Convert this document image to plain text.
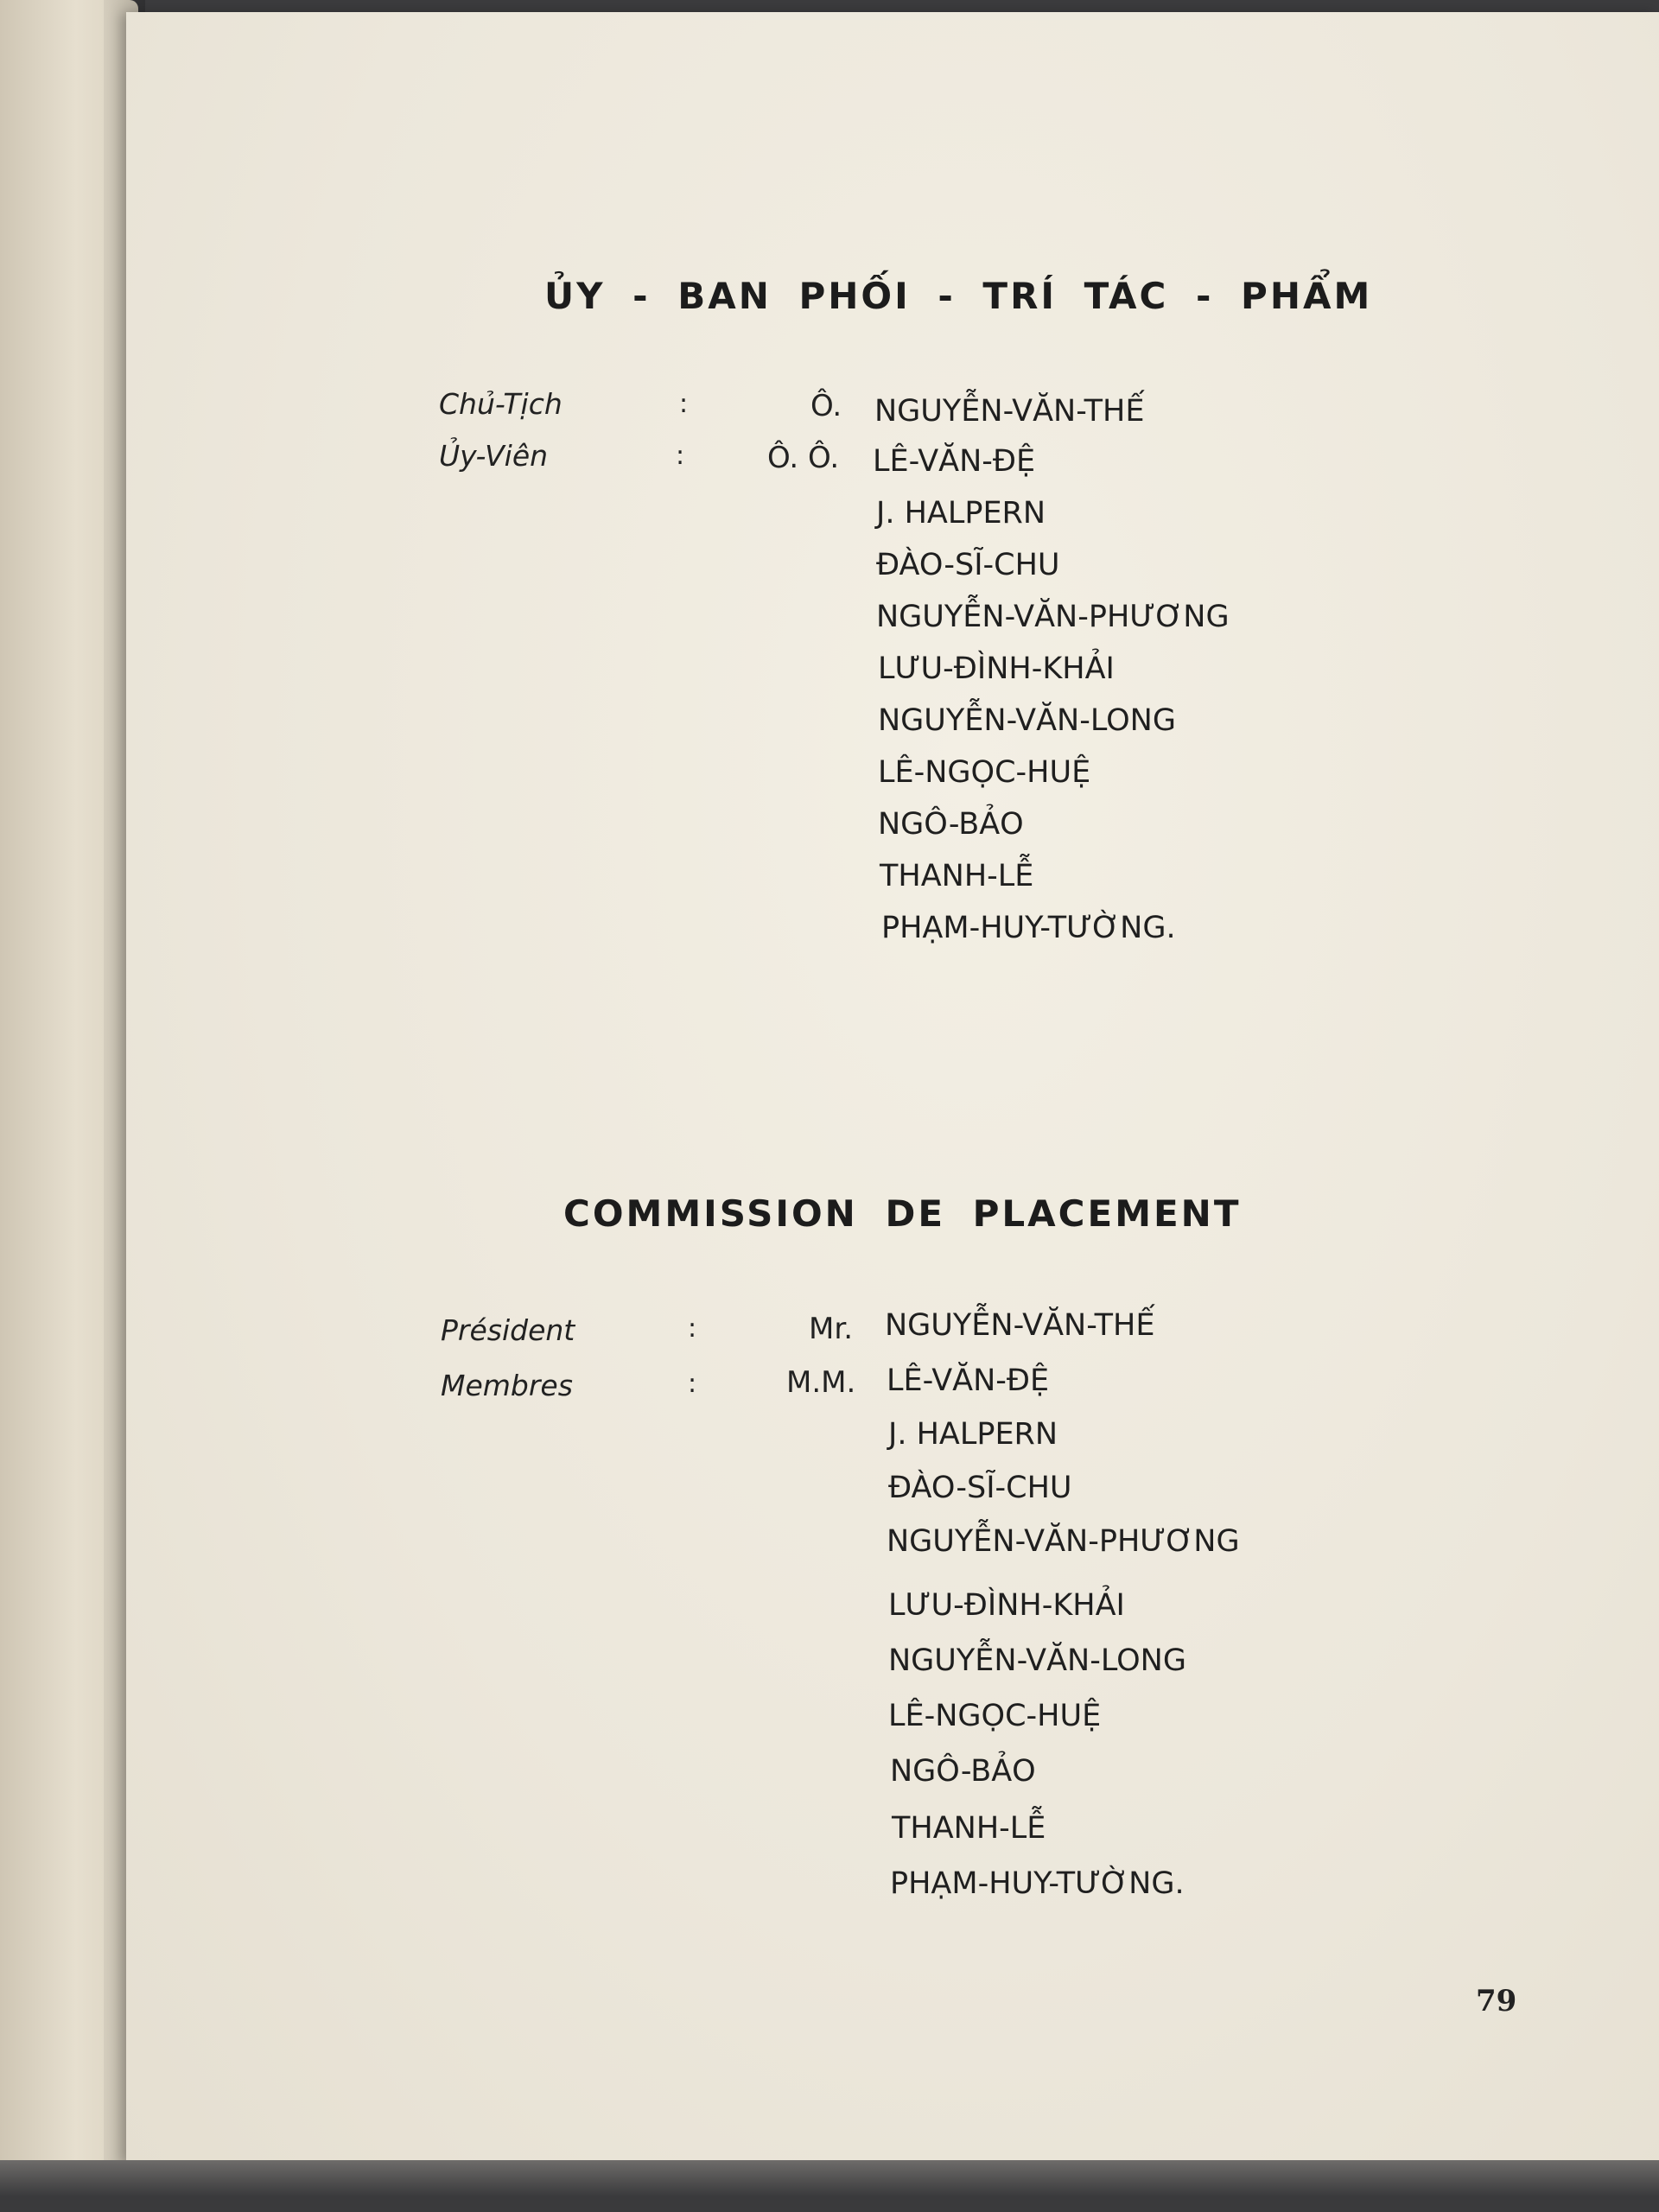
ỦY - BAN PHỐI - TRÍ TÁC - PHẨM
Chủ-Tịch	:	Ô. NGUYỄN-VĂN-THẾ
Ủy-Viên	:	Ô. Ô. LÊ-VĂN-ĐỆ
J. HALPERN
ĐÀO-SĨ-CHU
NGUYỄN-VĂN-PHƯƠNG
LƯU-ĐÌNH-KHẢI
NGUYỄN-VĂN-LONG
LÊ-NGỌC-HUỆ
NGÔ-BẢO
THANH-LỄ
PHẠM-HUY-TƯỜNG.
COMMISSION DE PLACEMENT
Président	:	Mr. NGUYỄN-VĂN-THẾ
Membres	:	M.M. LÊ-VĂN-ĐỆ
J. HALPERN
ĐÀO-SĨ-CHU
NGUYỄN-VĂN-PHƯƠNG
LƯU-ĐÌNH-KHẢI
NGUYỄN-VĂN-LONG
LÊ-NGỌC-HUỆ
NGÔ-BẢO
THANH-LỄ
PHẠM-HUY-TƯỜNG.
79
